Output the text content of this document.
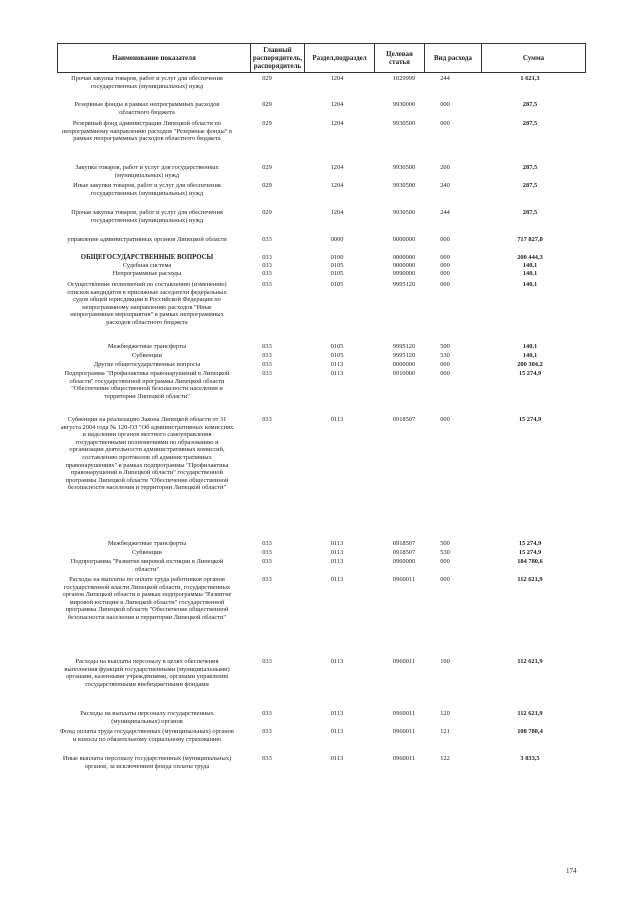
Наименование показателя
Главный распорядитель, распорядитель
Раздел,подраздел	Целевая статья	Вид расхода	Сумма
Прочая закупка товаров, работ и услуг для обеспечения государственных (муниципальных) нужд
029	1204	1029999	244	1 621,3
Резервные фонды в рамках непрограммных расходов областного бюджета
029	1204	9930000	000	287,5
Резервный фонд администрации Липецкой области по непрограммному направлению расходов "Резервные фонды" в рамках непрограммных расходов областного бюджета
029	1204	9930500	000	287,5
Закупка товаров, работ и услуг для государственных (муниципальных) нужд
029	1204	9930500	200	287,5
Иные закупки товаров, работ и услуг для обеспечения государственных (муниципальных) нужд
029	1204	9930500	240	287,5
Прочая закупка товаров, работ и услуг для обеспечения государственных (муниципальных) нужд
029	1204	9930500	244	287,5
управление административных органов Липецкой области	033	0000	0000000	000	717 827,8
ОБЩЕГОСУДАРСТВЕННЫЕ ВОПРОСЫ	033	0100	0000000	000	200 444,3
Судебная система	033	0105	0000000	000	140,1
Непрограммные расходы	033	0105	9990000	000	140,1
Осуществление полномочий по составлению (изменению) списков кандидатов в присяжные заседатели федеральных судов общей юрисдикции в Российской Федерации по непрограммному направлению расходов "Иные непрограммные мероприятия" в рамках непрограммных расходов областного бюджета
033	0105	9995120	000	140,1
Межбюджетные трансферты	033	0105	9995120	500	140,1
Субвенции	033	0105	9995120	530	140,1
Другие общегосударственные вопросы	033	0113	0000000	000	200 304,2
Подпрограмма "Профилактика правонарушений в Липецкой области" государственной программы Липецкой области "Обеспечение общественной безопасности населения и территории Липецкой области"
033	0113	0910000	000	15 274,9
Субвенции на реализацию Закона Липецкой области от 31 августа 2004 года № 120-ОЗ "Об административных комиссиях и наделении органов местного самоуправления государственными полномочиями по образованию и организации деятельности административных комиссий, составлению протоколов об административных правонарушениях" в рамках подпрограммы "Профилактика правонарушений в Липецкой области" государственной программы Липецкой области "Обеспечение общественной безопасности населения и территории Липецкой области"
033	0113	0918507	000	15 274,9
Межбюджетные трансферты	033	0113	0918507	500	15 274,9
Субвенции	033	0113	0918507	530	15 274,9
Подпрограмма "Развитие мировой юстиции в Липецкой области"
033	0113	0960000	000	184 780,6
Расходы на выплаты по оплате труда работников органов государственной власти Липецкой области, государственных органов Липецкой области в рамках подпрограммы "Развитие мировой юстиции в Липецкой области" государственной программы Липецкой области "Обеспечение общественной безопасности населения и территории Липецкой области"
033	0113	0960011	000	112 621,9
Расходы на выплаты персоналу в целях обеспечения выполнения функций государственными (муниципальными) органами, казенными учреждениями, органами управления государственными внебюджетными фондами
033	0113	0960011	100	112 621,9
Расходы на выплаты персоналу государственных (муниципальных) органов
033	0113	0960011	120	112 621,9
Фонд оплаты труда государственных (муниципальных) органов и взносы по обязательному социальному страхованию
033	0113	0960011	121	108 788,4
Иные выплаты персоналу государственных (муниципальных) органов, за исключением фонда оплаты труда
033	0113	0960011	122	3 833,5
174
